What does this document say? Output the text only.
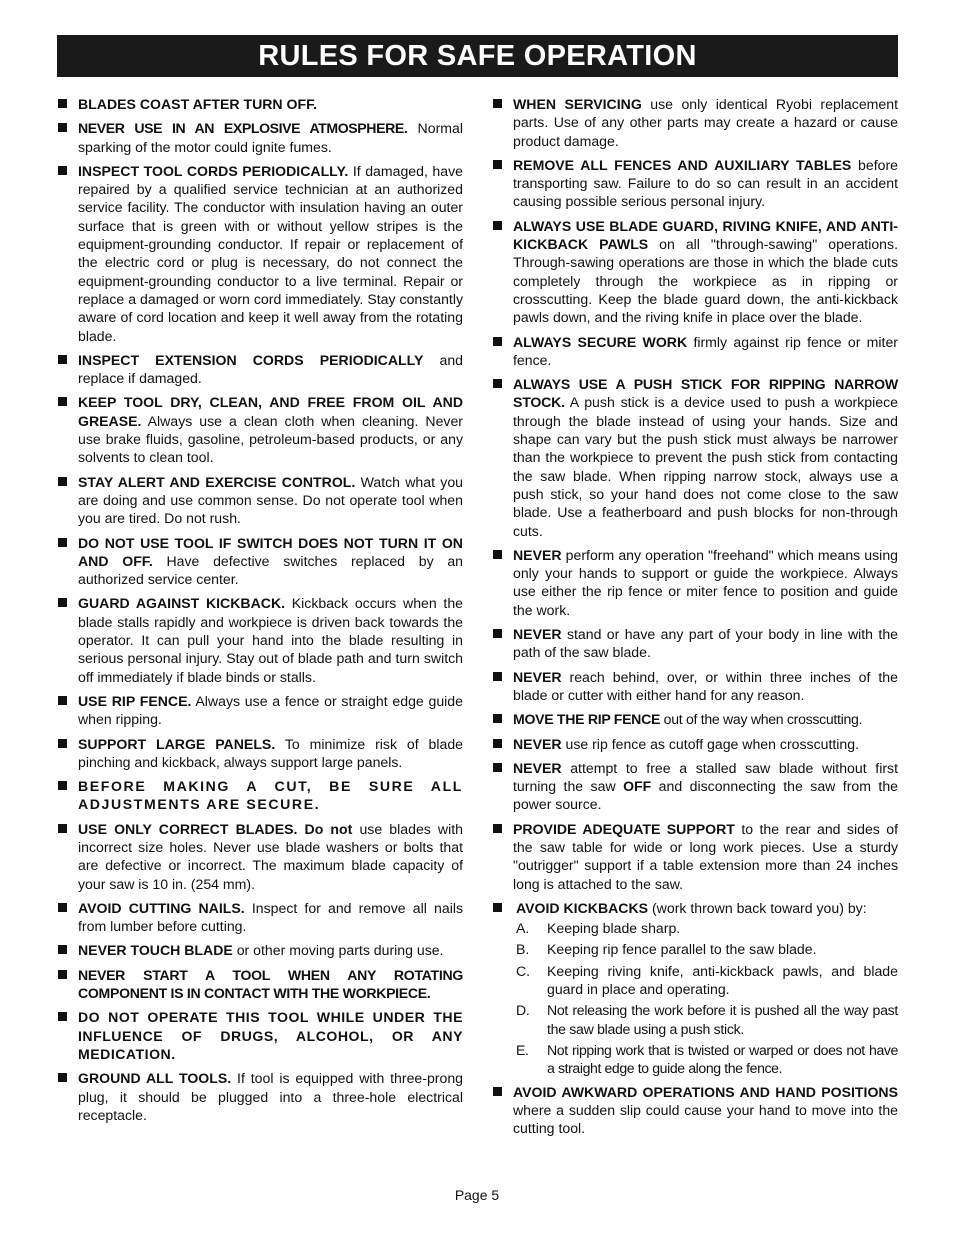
RULES FOR SAFE OPERATION
BLADES COAST AFTER TURN OFF.
NEVER USE IN AN EXPLOSIVE ATMOSPHERE. Normal sparking of the motor could ignite fumes.
INSPECT TOOL CORDS PERIODICALLY. If damaged, have repaired by a qualified service technician at an authorized service facility. The conductor with insulation having an outer surface that is green with or without yellow stripes is the equipment-grounding conductor. If repair or replacement of the electric cord or plug is necessary, do not connect the equipment-grounding conductor to a live terminal. Repair or replace a damaged or worn cord immediately. Stay constantly aware of cord location and keep it well away from the rotating blade.
INSPECT EXTENSION CORDS PERIODICALLY and replace if damaged.
KEEP TOOL DRY, CLEAN, AND FREE FROM OIL AND GREASE. Always use a clean cloth when cleaning. Never use brake fluids, gasoline, petroleum-based products, or any solvents to clean tool.
STAY ALERT AND EXERCISE CONTROL. Watch what you are doing and use common sense. Do not operate tool when you are tired. Do not rush.
DO NOT USE TOOL IF SWITCH DOES NOT TURN IT ON AND OFF. Have defective switches replaced by an authorized service center.
GUARD AGAINST KICKBACK. Kickback occurs when the blade stalls rapidly and workpiece is driven back towards the operator. It can pull your hand into the blade resulting in serious personal injury. Stay out of blade path and turn switch off immediately if blade binds or stalls.
USE RIP FENCE. Always use a fence or straight edge guide when ripping.
SUPPORT LARGE PANELS. To minimize risk of blade pinching and kickback, always support large panels.
BEFORE MAKING A CUT, BE SURE ALL ADJUSTMENTS ARE SECURE.
USE ONLY CORRECT BLADES. Do not use blades with incorrect size holes. Never use blade washers or bolts that are defective or incorrect. The maximum blade capacity of your saw is 10 in. (254 mm).
AVOID CUTTING NAILS. Inspect for and remove all nails from lumber before cutting.
NEVER TOUCH BLADE or other moving parts during use.
NEVER START A TOOL WHEN ANY ROTATING COMPONENT IS IN CONTACT WITH THE WORKPIECE.
DO NOT OPERATE THIS TOOL WHILE UNDER THE INFLUENCE OF DRUGS, ALCOHOL, OR ANY MEDICATION.
GROUND ALL TOOLS. If tool is equipped with three-prong plug, it should be plugged into a three-hole electrical receptacle.
WHEN SERVICING use only identical Ryobi replacement parts. Use of any other parts may create a hazard or cause product damage.
REMOVE ALL FENCES AND AUXILIARY TABLES before transporting saw. Failure to do so can result in an accident causing possible serious personal injury.
ALWAYS USE BLADE GUARD, RIVING KNIFE, AND ANTI-KICKBACK PAWLS on all "through-sawing" operations. Through-sawing operations are those in which the blade cuts completely through the workpiece as in ripping or crosscutting. Keep the blade guard down, the anti-kickback pawls down, and the riving knife in place over the blade.
ALWAYS SECURE WORK firmly against rip fence or miter fence.
ALWAYS USE A PUSH STICK FOR RIPPING NARROW STOCK. A push stick is a device used to push a workpiece through the blade instead of using your hands. Size and shape can vary but the push stick must always be narrower than the workpiece to prevent the push stick from contacting the saw blade. When ripping narrow stock, always use a push stick, so your hand does not come close to the saw blade. Use a featherboard and push blocks for non-through cuts.
NEVER perform any operation "freehand" which means using only your hands to support or guide the workpiece. Always use either the rip fence or miter fence to position and guide the work.
NEVER stand or have any part of your body in line with the path of the saw blade.
NEVER reach behind, over, or within three inches of the blade or cutter with either hand for any reason.
MOVE THE RIP FENCE out of the way when crosscutting.
NEVER use rip fence as cutoff gage when crosscutting.
NEVER attempt to free a stalled saw blade without first turning the saw OFF and disconnecting the saw from the power source.
PROVIDE ADEQUATE SUPPORT to the rear and sides of the saw table for wide or long work pieces. Use a sturdy "outrigger" support if a table extension more than 24 inches long is attached to the saw.
AVOID KICKBACKS (work thrown back toward you) by:
A. Keeping blade sharp.
B. Keeping rip fence parallel to the saw blade.
C. Keeping riving knife, anti-kickback pawls, and blade guard in place and operating.
D. Not releasing the work before it is pushed all the way past the saw blade using a push stick.
E. Not ripping work that is twisted or warped or does not have a straight edge to guide along the fence.
AVOID AWKWARD OPERATIONS AND HAND POSITIONS where a sudden slip could cause your hand to move into the cutting tool.
Page 5
